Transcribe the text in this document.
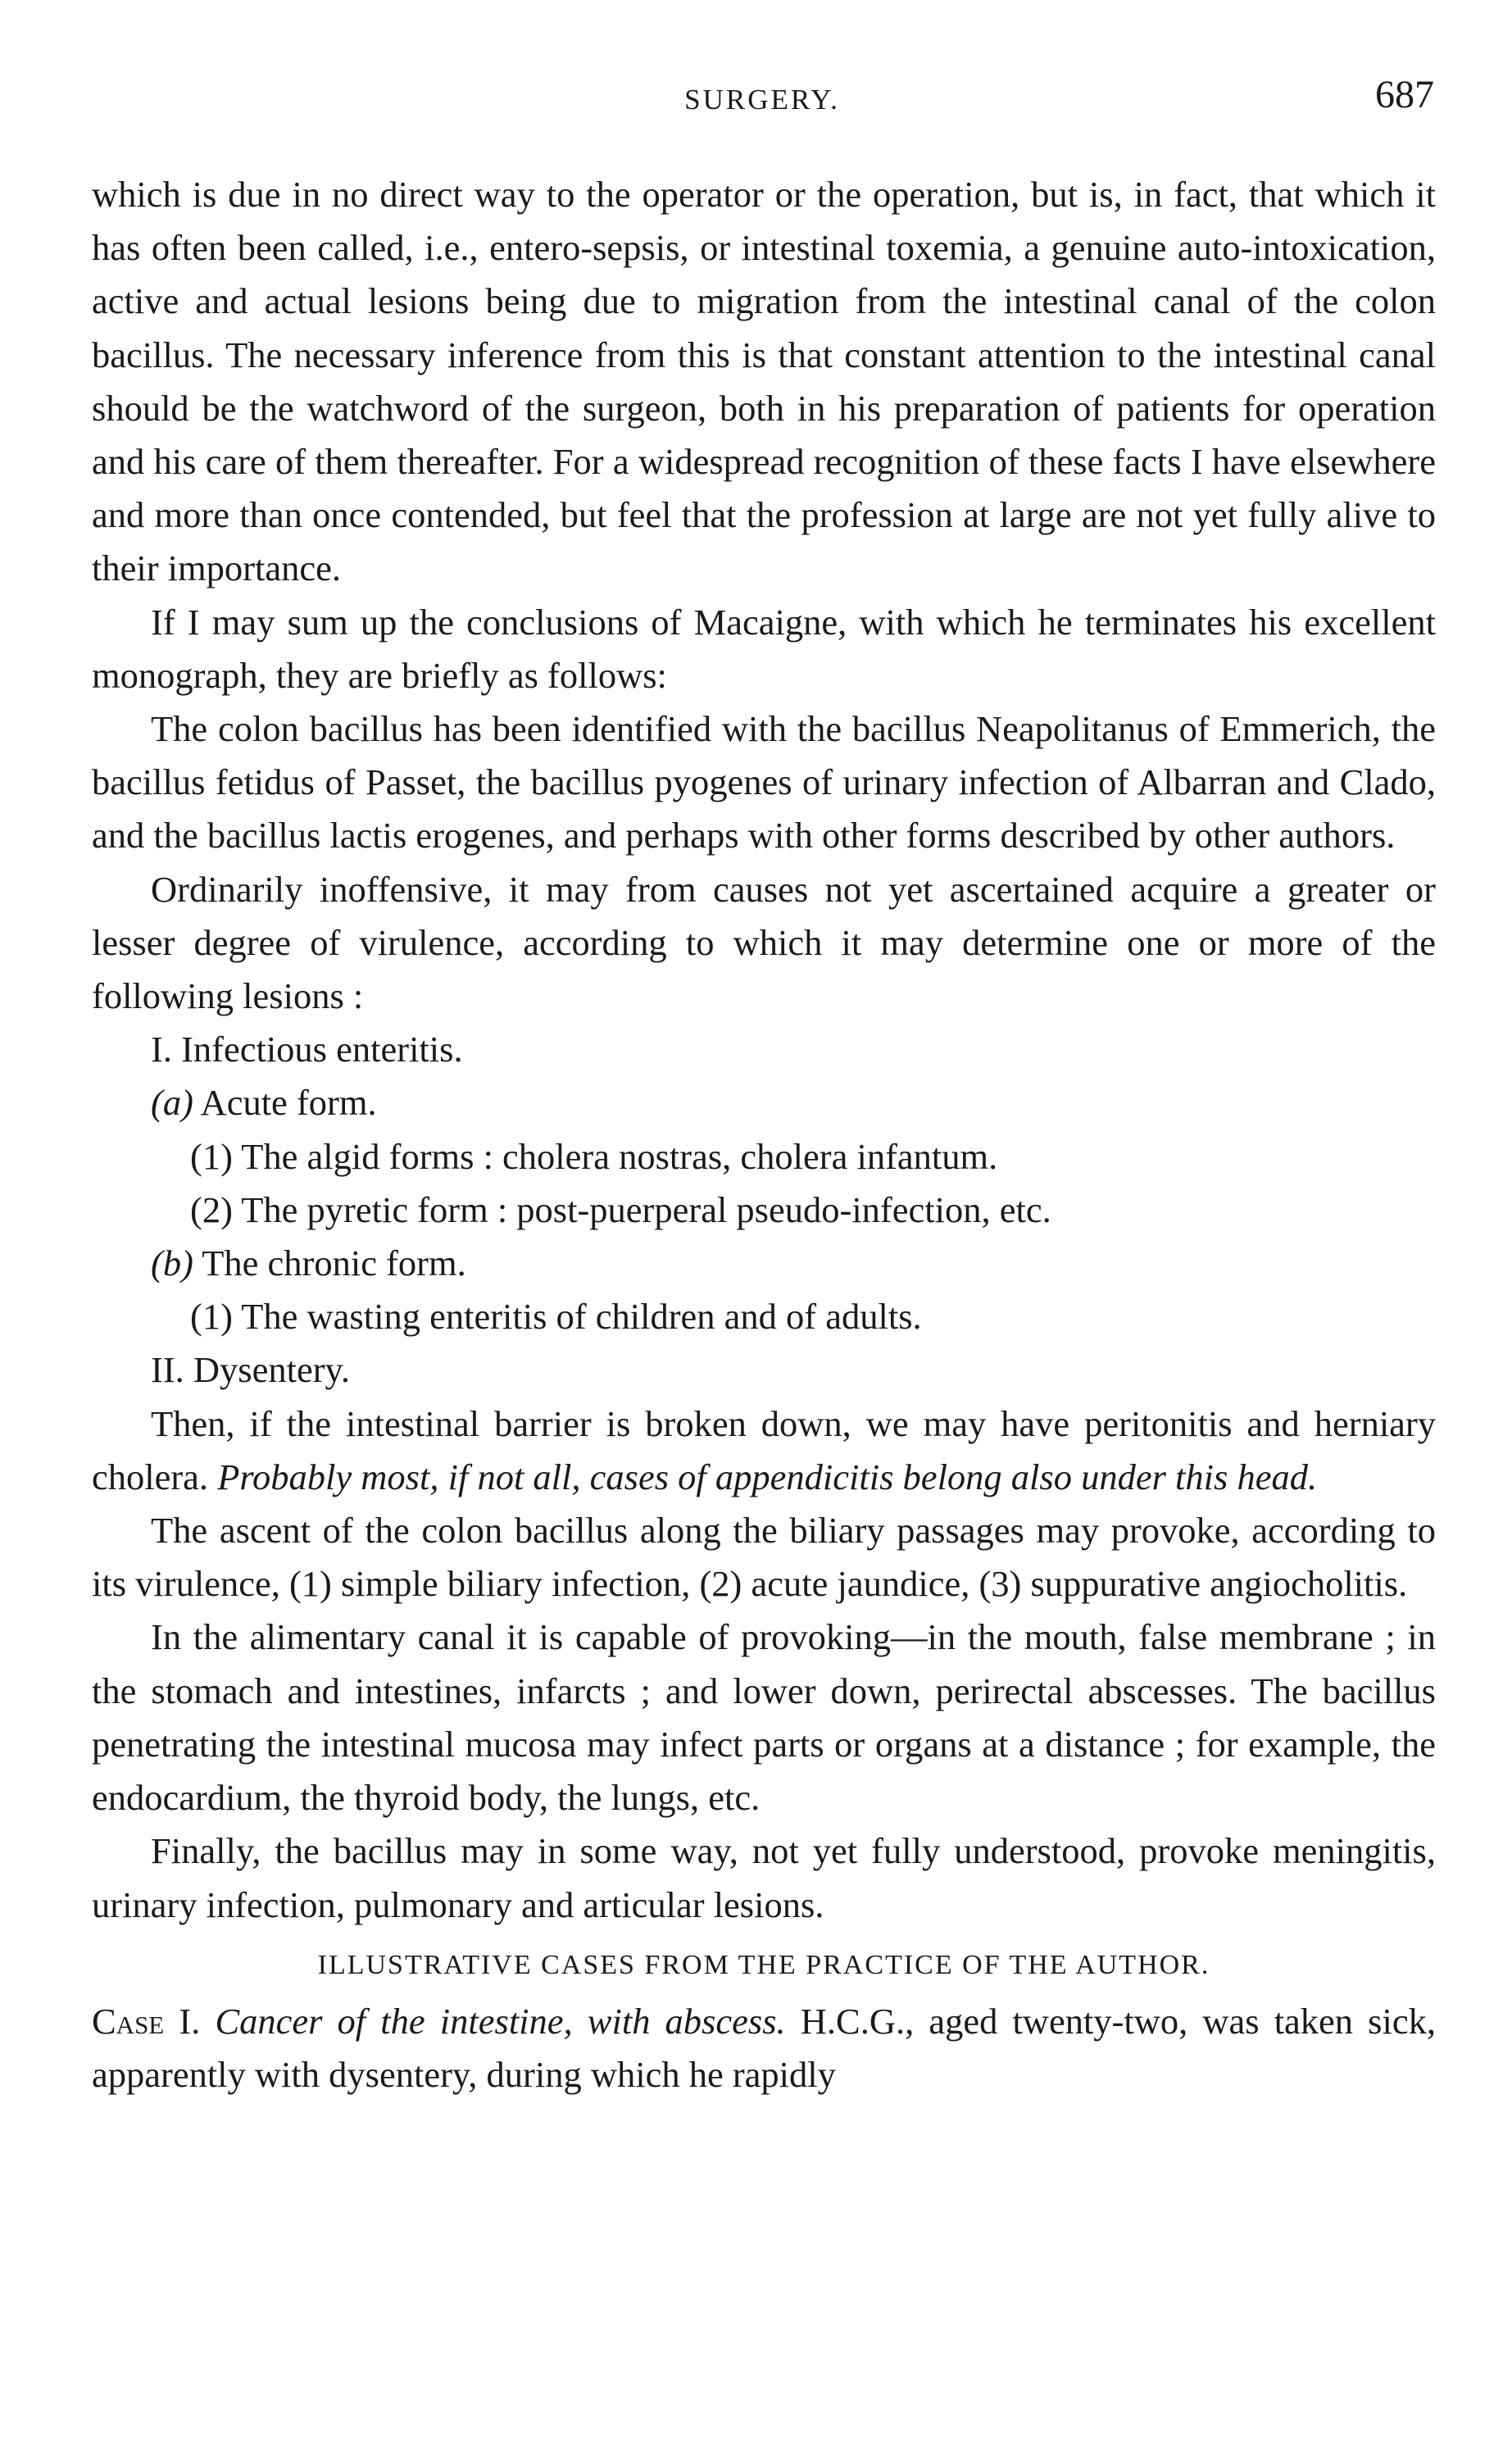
SURGERY.	687

which is due in no direct way to the operator or the operation, but is, in fact, that which it has often been called, i.e., entero-sepsis, or intestinal toxemia, a genuine auto-intoxication, active and actual lesions being due to migration from the intestinal canal of the colon bacillus. The necessary inference from this is that constant attention to the intestinal canal should be the watchword of the surgeon, both in his preparation of patients for operation and his care of them thereafter. For a widespread recognition of these facts I have elsewhere and more than once contended, but feel that the profession at large are not yet fully alive to their importance.

If I may sum up the conclusions of Macaigne, with which he terminates his excellent monograph, they are briefly as follows:

The colon bacillus has been identified with the bacillus Neapolitanus of Emmerich, the bacillus fetidus of Passet, the bacillus pyogenes of urinary infection of Albarran and Clado, and the bacillus lactis erogenes, and perhaps with other forms described by other authors.

Ordinarily inoffensive, it may from causes not yet ascertained acquire a greater or lesser degree of virulence, according to which it may determine one or more of the following lesions :

I. Infectious enteritis.
(a) Acute form.
(1) The algid forms : cholera nostras, cholera infantum.
(2) The pyretic form : post-puerperal pseudo-infection, etc.
(b) The chronic form.
(1) The wasting enteritis of children and of adults.
II. Dysentery.

Then, if the intestinal barrier is broken down, we may have peritonitis and herniary cholera. Probably most, if not all, cases of appendicitis belong also under this head.

The ascent of the colon bacillus along the biliary passages may provoke, according to its virulence, (1) simple biliary infection, (2) acute jaundice, (3) suppurative angiocholitis.

In the alimentary canal it is capable of provoking—in the mouth, false membrane ; in the stomach and intestines, infarcts ; and lower down, perirectal abscesses. The bacillus penetrating the intestinal mucosa may infect parts or organs at a distance ; for example, the endocardium, the thyroid body, the lungs, etc.

Finally, the bacillus may in some way, not yet fully understood, provoke meningitis, urinary infection, pulmonary and articular lesions.

ILLUSTRATIVE CASES FROM THE PRACTICE OF THE AUTHOR.

Case I. Cancer of the intestine, with abscess. H.C.G., aged twenty-two, was taken sick, apparently with dysentery, during which he rapidly
